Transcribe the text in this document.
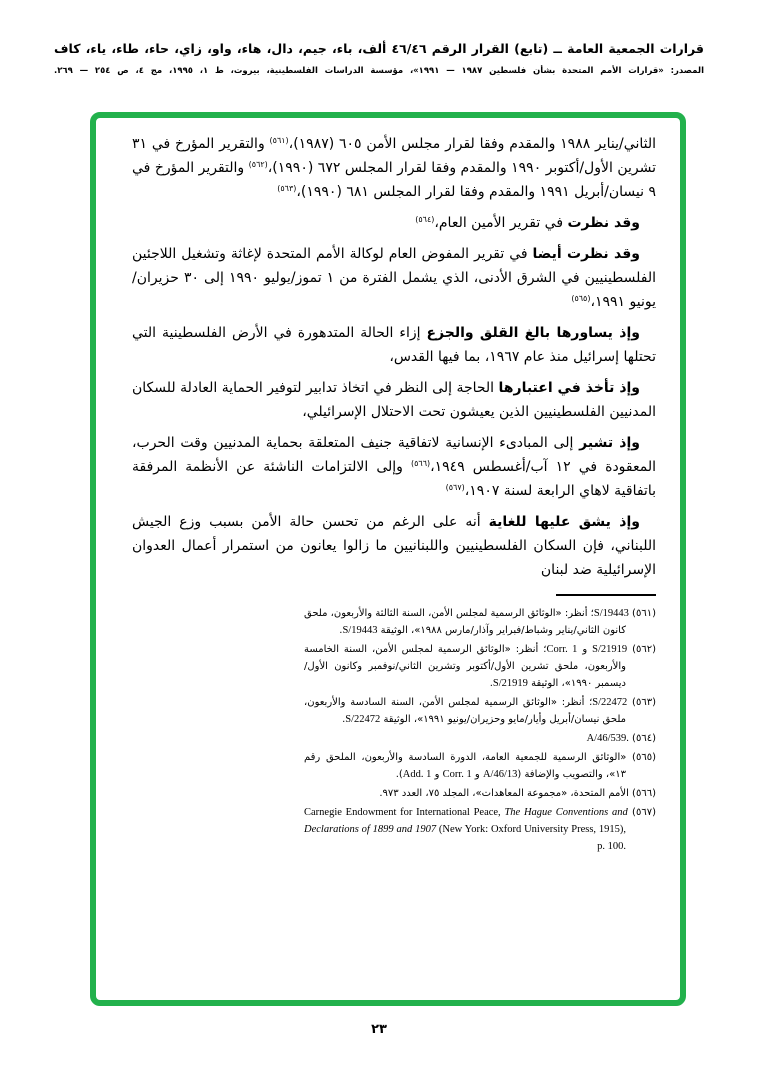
قرارات الجمعية العامة ــ (تابع) القرار الرقم ٤٦/٤٦ ألف، باء، جيم، دال، هاء، واو، زاي، حاء، طاء، ياء، كاف
المصدر: «قرارات الأمم المتحدة بشأن فلسطين ١٩٨٧ — ١٩٩١»، مؤسسة الدراسات الفلسطينية، بيروت، ط ١، ١٩٩٥، مج ٤، ص ٢٥٤ — ٢٦٩.

الثاني/يناير ١٩٨٨ والمقدم وفقا لقرار مجلس الأمن ٦٠٥ (١٩٨٧)،$^{(٥٦١)}$ والتقرير المؤرخ في ٣١ تشرين الأول/أكتوبر ١٩٩٠ والمقدم وفقا لقرار المجلس ٦٧٢ (١٩٩٠)،$^{(٥٦٢)}$ والتقرير المؤرخ في ٩ نيسان/أبريل ١٩٩١ والمقدم وفقا لقرار المجلس ٦٨١ (١٩٩٠)،$^{(٥٦٣)}$

وقد نظرت في تقرير الأمين العام،$^{(٥٦٤)}$

وقد نظرت أيضا في تقرير المفوض العام لوكالة الأمم المتحدة لإغاثة وتشغيل اللاجئين الفلسطينيين في الشرق الأدنى، الذي يشمل الفترة من ١ تموز/يوليو ١٩٩٠ إلى ٣٠ حزيران/يونيو ١٩٩١،$^{(٥٦٥)}$

وإذ يساورها بالغ القلق والجزع إزاء الحالة المتدهورة في الأرض الفلسطينية التي تحتلها إسرائيل منذ عام ١٩٦٧، بما فيها القدس،

وإذ تأخذ في اعتبارها الحاجة إلى النظر في اتخاذ تدابير لتوفير الحماية العادلة للسكان المدنيين الفلسطينيين الذين يعيشون تحت الاحتلال الإسرائيلي،

وإذ تشير إلى المبادىء الإنسانية لاتفاقية جنيف المتعلقة بحماية المدنيين وقت الحرب، المعقودة في ١٢ آب/أغسطس ١٩٤٩،$^{(٥٦٦)}$ وإلى الالتزامات الناشئة عن الأنظمة المرفقة باتفاقية لاهاي الرابعة لسنة ١٩٠٧،$^{(٥٦٧)}$

وإذ يشق عليها للغاية أنه على الرغم من تحسن حالة الأمن بسبب وزع الجيش اللبناني، فإن السكان الفلسطينيين واللبنانيين ما زالوا يعانون من استمرار أعمال العدوان الإسرائيلية ضد لبنان

(٥٦١) S/19443؛ أنظر: «الوثائق الرسمية لمجلس الأمن، السنة الثالثة والأربعون، ملحق كانون الثاني/يناير وشباط/فبراير وآذار/مارس ١٩٨٨»، الوثيقة S/19443.
(٥٦٢) S/21919 و Corr. 1؛ أنظر: «الوثائق الرسمية لمجلس الأمن، السنة الخامسة والأربعون، ملحق تشرين الأول/أكتوبر وتشرين الثاني/نوفمبر وكانون الأول/ديسمبر ١٩٩٠»، الوثيقة S/21919.
(٥٦٣) S/22472؛ أنظر: «الوثائق الرسمية لمجلس الأمن، السنة السادسة والأربعون، ملحق نيسان/أبريل وأيار/مايو وحزيران/يونيو ١٩٩١»، الوثيقة S/22472.
(٥٦٤) A/46/539.
(٥٦٥) «الوثائق الرسمية للجمعية العامة، الدورة السادسة والأربعون، الملحق رقم ١٣»، والتصويب والإضافة (A/46/13 و Corr. 1 و Add. 1).
(٥٦٦) الأمم المتحدة، «مجموعة المعاهدات»، المجلد ٧٥، العدد ٩٧٣.
(٥٦٧) Carnegie Endowment for International Peace, The Hague Conventions and Declarations of 1899 and 1907 (New York: Oxford University Press, 1915), p. 100.
٢٣
